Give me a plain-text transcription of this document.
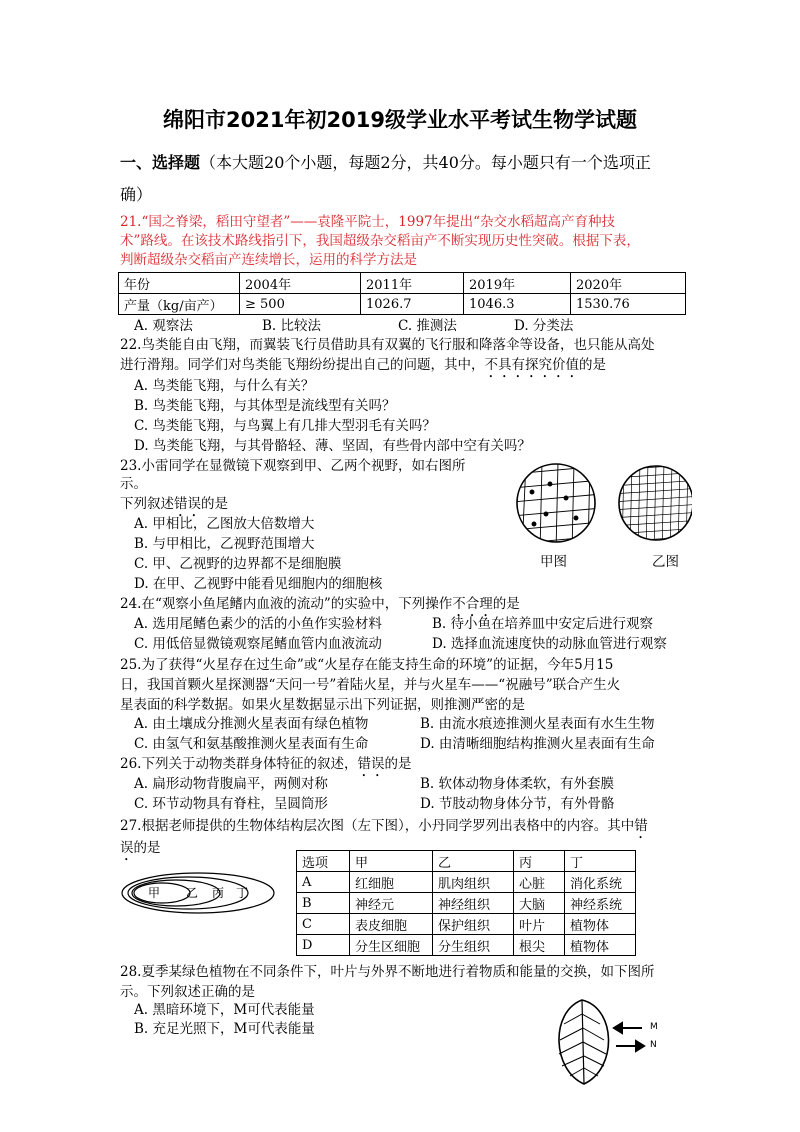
绵阳市2021年初2019级学业水平考试生物学试题
一、选择题（本大题20个小题，每题2分，共40分。每小题只有一个选项正
确）
21.“国之脊梁，稻田守望者”——袁隆平院士，1997年提出“杂交水稻超高产育种技
术”路线。在该技术路线指引下，我国超级杂交稻亩产不断实现历史性突破。根据下表，
判断超级杂交稻亩产连续增长，运用的科学方法是
年份	2004年	2011年	2019年	2020年
产量（kg/亩产）	≥ 500	1026.7	1046.3	1530.76
A. 观察法	B. 比较法	C. 推测法	D. 分类法
22.鸟类能自由飞翔，而翼装飞行员借助具有双翼的飞行服和降落伞等设备，也只能从高处
进行滑翔。同学们对鸟类能飞翔纷纷提出自己的问题，其中，不具有探究价值的是
A. 鸟类能飞翔，与什么有关？
B. 鸟类能飞翔，与其体型是流线型有关吗？
C. 鸟类能飞翔，与鸟翼上有几排大型羽毛有关吗？
D. 鸟类能飞翔，与其骨骼轻、薄、坚固，有些骨内部中空有关吗？
23.小雷同学在显微镜下观察到甲、乙两个视野，如右图所
示。
下列叙述错误的是
A. 甲相比，乙图放大倍数增大
B. 与甲相比，乙视野范围增大
C. 甲、乙视野的边界都不是细胞膜
D. 在甲、乙视野中能看见细胞内的细胞核
甲图	乙图
24.在“观察小鱼尾鳍内血液的流动”的实验中，下列操作不合理的是
A. 选用尾鳍色素少的活的小鱼作实验材料	B. 待小鱼在培养皿中安定后进行观察
C. 用低倍显微镜观察尾鳍血管内血液流动	D. 选择血流速度快的动脉血管进行观察
25.为了获得“火星存在过生命”或“火星存在能支持生命的环境”的证据，今年5月15
日，我国首颗火星探测器“天问一号”着陆火星，并与火星车——“祝融号”联合产生火
星表面的科学数据。如果火星数据显示出下列证据，则推测严密的是
A. 由土壤成分推测火星表面有绿色植物	B. 由流水痕迹推测火星表面有水生生物
C. 由氢气和氨基酸推测火星表面有生命	D. 由清晰细胞结构推测火星表面有生命
26.下列关于动物类群身体特征的叙述，错误的是
A. 扁形动物背腹扁平，两侧对称	B. 软体动物身体柔软，有外套膜
C. 环节动物具有脊柱，呈圆筒形	D. 节肢动物身体分节，有外骨骼
27.根据老师提供的生物体结构层次图（左下图），小丹同学罗列出表格中的内容。其中错
误的是
甲 乙 丙 丁
选项	甲	乙	丙	丁
A	红细胞	肌肉组织	心脏	消化系统
B	神经元	神经组织	大脑	神经系统
C	表皮细胞	保护组织	叶片	植物体
D	分生区细胞	分生组织	根尖	植物体
28.夏季某绿色植物在不同条件下，叶片与外界不断地进行着物质和能量的交换，如下图所
示。下列叙述正确的是
A. 黑暗环境下，M可代表能量
B. 充足光照下，M可代表能量	M
N
